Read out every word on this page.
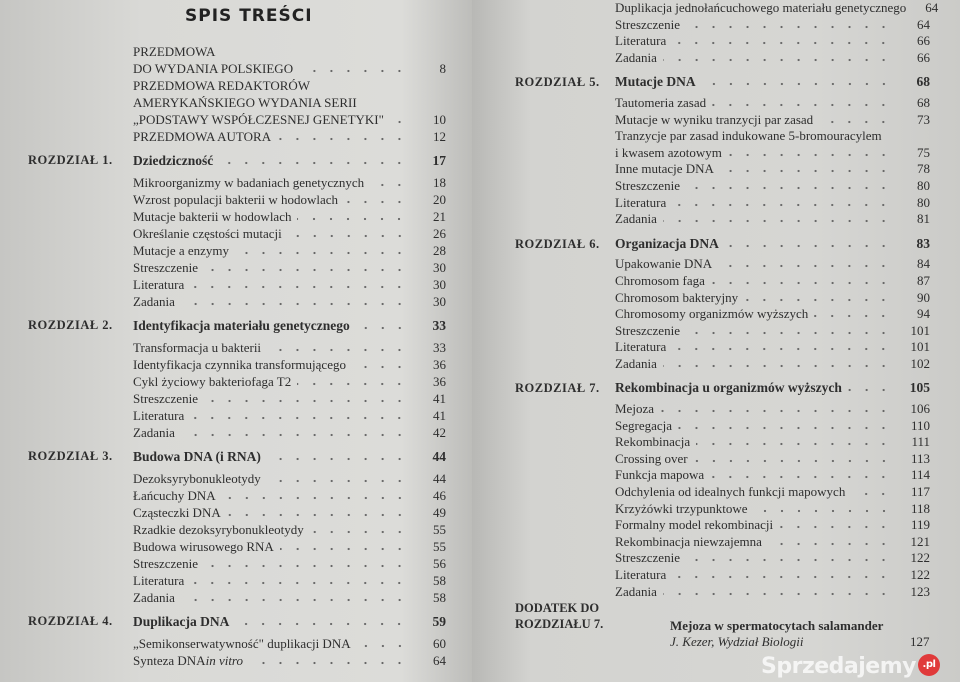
SPIS TREŚCI
PRZEDMOWA
DO WYDANIA POLSKIEGO	8
PRZEDMOWA REDAKTORÓW
AMERYKAŃSKIEGO WYDANIA SERII
„PODSTAWY WSPÓŁCZESNEJ GENETYKI"	10
PRZEDMOWA AUTORA	12
ROZDZIAŁ 1. Dziedziczność	17
Mikroorganizmy w badaniach genetycznych	18
Wzrost populacji bakterii w hodowlach	20
Mutacje bakterii w hodowlach	21
Określanie częstości mutacji	26
Mutacje a enzymy	28
Streszczenie	30
Literatura	30
Zadania	30
ROZDZIAŁ 2. Identyfikacja materiału genetycznego	33
Transformacja u bakterii	33
Identyfikacja czynnika transformującego	36
Cykl życiowy bakteriofaga T2	36
Streszczenie	41
Literatura	41
Zadania	42
ROZDZIAŁ 3. Budowa DNA (i RNA)	44
Dezoksyrybonukleotydy	44
Łańcuchy DNA	46
Cząsteczki DNA	49
Rzadkie dezoksyrybonukleotydy	55
Budowa wirusowego RNA	55
Streszczenie	56
Literatura	58
Zadania	58
ROZDZIAŁ 4. Duplikacja DNA	59
„Semikonserwatywność" duplikacji DNA	60
Synteza DNA in vitro	64
Duplikacja jednołańcuchowego materiału genetycznego	64
Streszczenie	64
Literatura	66
Zadania	66
ROZDZIAŁ 5. Mutacje DNA	68
Tautomeria zasad	68
Mutacje w wyniku tranzycji par zasad	73
Tranzycje par zasad indukowane 5-bromouracylem
i kwasem azotowym	75
Inne mutacje DNA	78
Streszczenie	80
Literatura	80
Zadania	81
ROZDZIAŁ 6. Organizacja DNA	83
Upakowanie DNA	84
Chromosom faga	87
Chromosom bakteryjny	90
Chromosomy organizmów wyższych	94
Streszczenie	101
Literatura	101
Zadania	102
ROZDZIAŁ 7. Rekombinacja u organizmów wyższych	105
Mejoza	106
Segregacja	110
Rekombinacja	111
Crossing over	113
Funkcja mapowa	114
Odchylenia od idealnych funkcji mapowych	117
Krzyżówki trzypunktowe	118
Formalny model rekombinacji	119
Rekombinacja niewzajemna	121
Streszczenie	122
Literatura	122
Zadania	123
DODATEK DO
ROZDZIAŁU 7.	Mejoza w spermatocytach salamander
J. Kezer, Wydział Biologii	127
Sprzedajemy .pl
